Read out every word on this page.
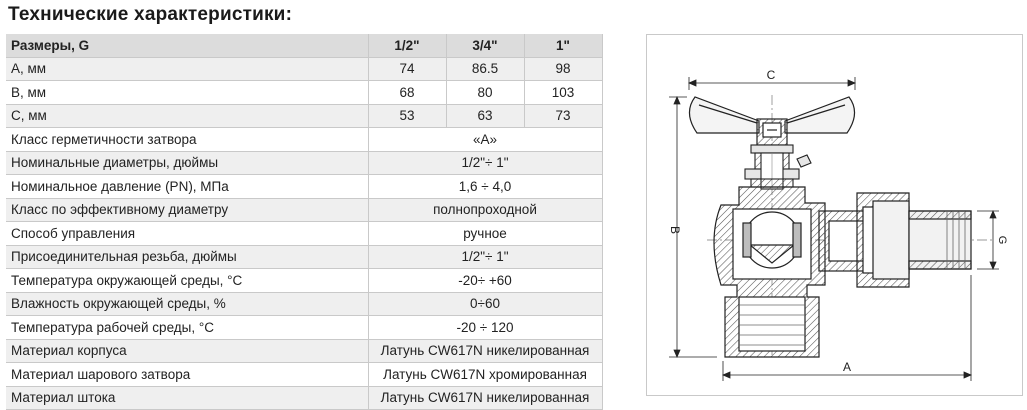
Технические характеристики:
Размеры, G	1/2"	3/4"	1"
А, мм	74	86.5	98
В, мм	68	80	103
С, мм	53	63	73
Класс герметичности затвора	«А»		
Номинальные диаметры, дюймы	1/2"÷ 1"		
Номинальное давление (PN), МПа	1,6 ÷ 4,0		
Класс по эффективному диаметру	полнопроходной		
Способ управления	ручное		
Присоединительная резьба, дюймы	1/2"÷ 1"		
Температура окружающей среды, °С	-20÷ +60		
Влажность окружающей среды, %	0÷60		
Температура рабочей среды, °С	-20 ÷ 120		
Материал корпуса	Латунь CW617N никелированная		
Материал шарового затвора	Латунь CW617N хромированная		
Материал штока	Латунь CW617N никелированная		
C
B
A
G
